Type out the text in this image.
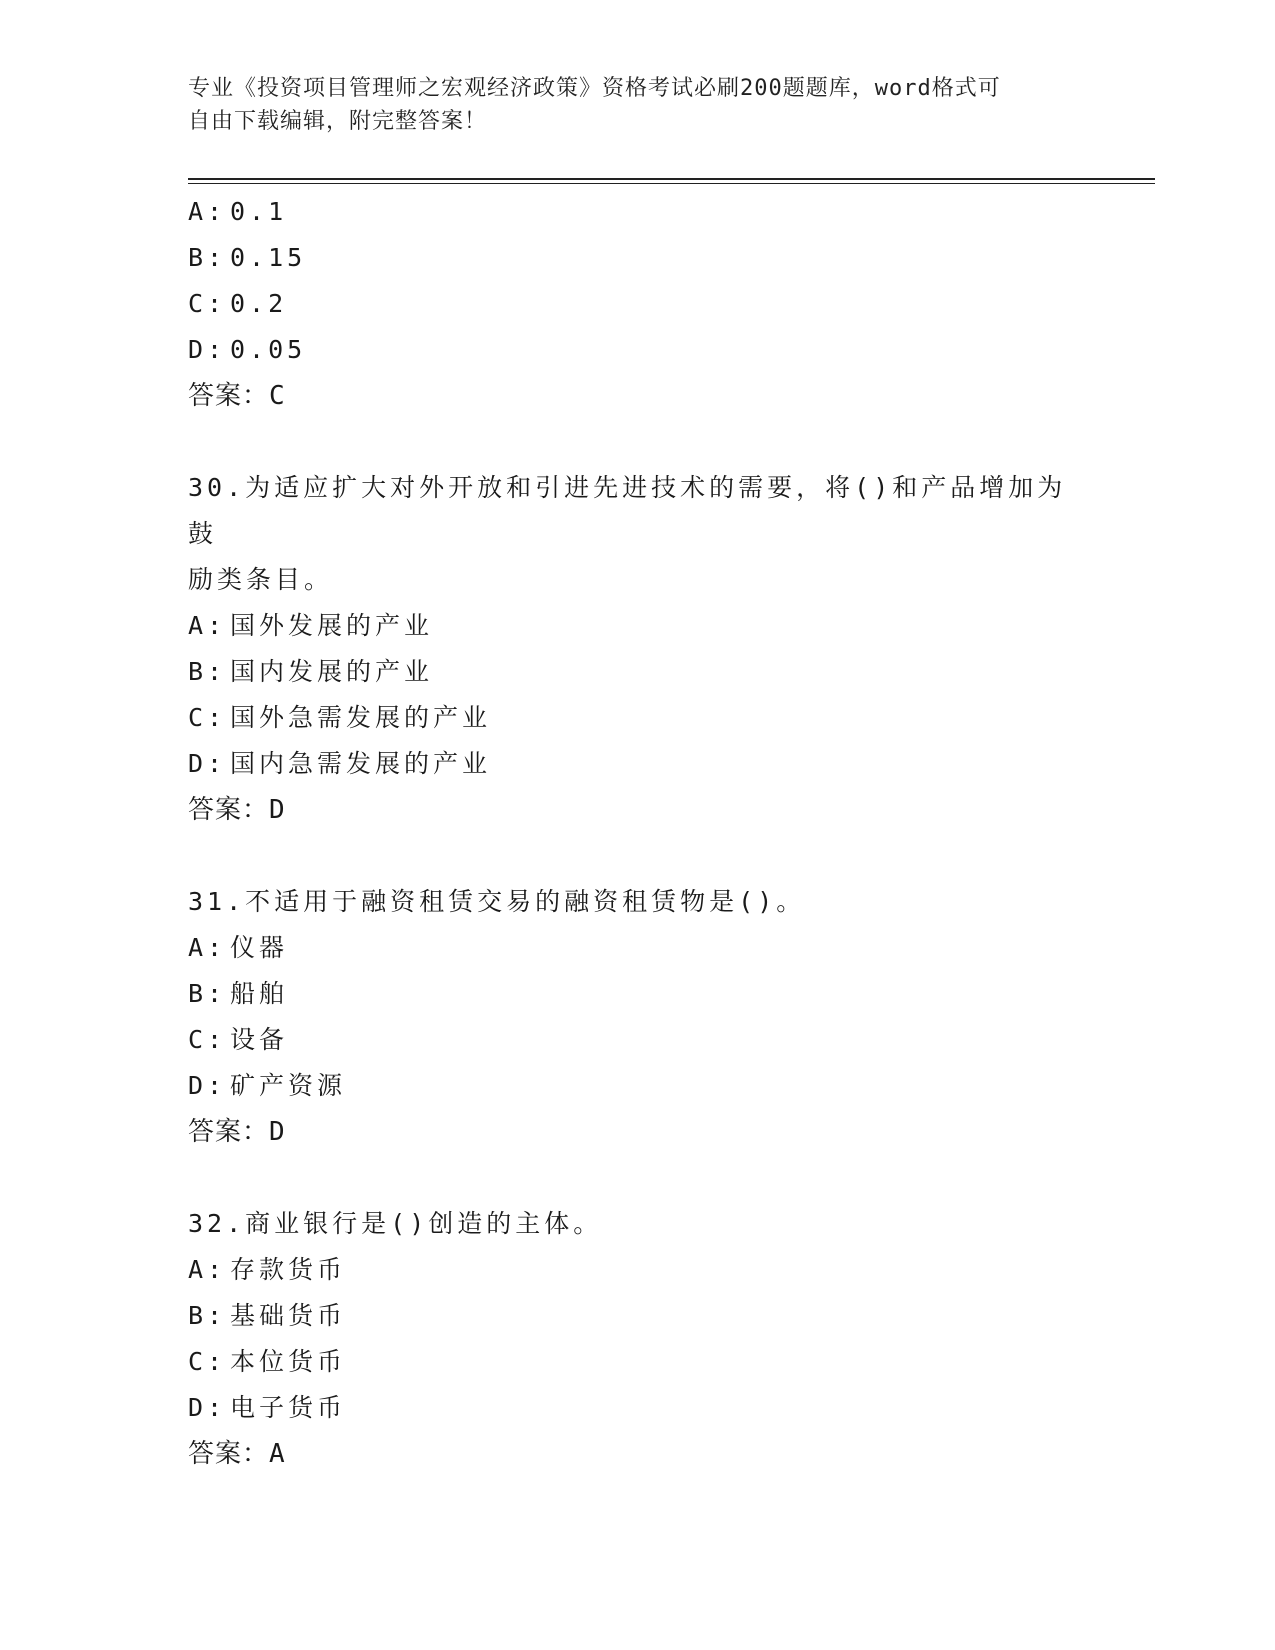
专业《投资项目管理师之宏观经济政策》资格考试必刷200题题库，word格式可
自由下载编辑，附完整答案！
A: 0.1
B: 0.15
C: 0.2
D: 0.05
答案：C
30.为适应扩大对外开放和引进先进技术的需要，将()和产品增加为鼓
励类条目。
A: 国外发展的产业
B: 国内发展的产业
C: 国外急需发展的产业
D: 国内急需发展的产业
答案：D
31.不适用于融资租赁交易的融资租赁物是()。
A: 仪器
B: 船舶
C: 设备
D: 矿产资源
答案：D
32.商业银行是()创造的主体。
A: 存款货币
B: 基础货币
C: 本位货币
D: 电子货币
答案：A
